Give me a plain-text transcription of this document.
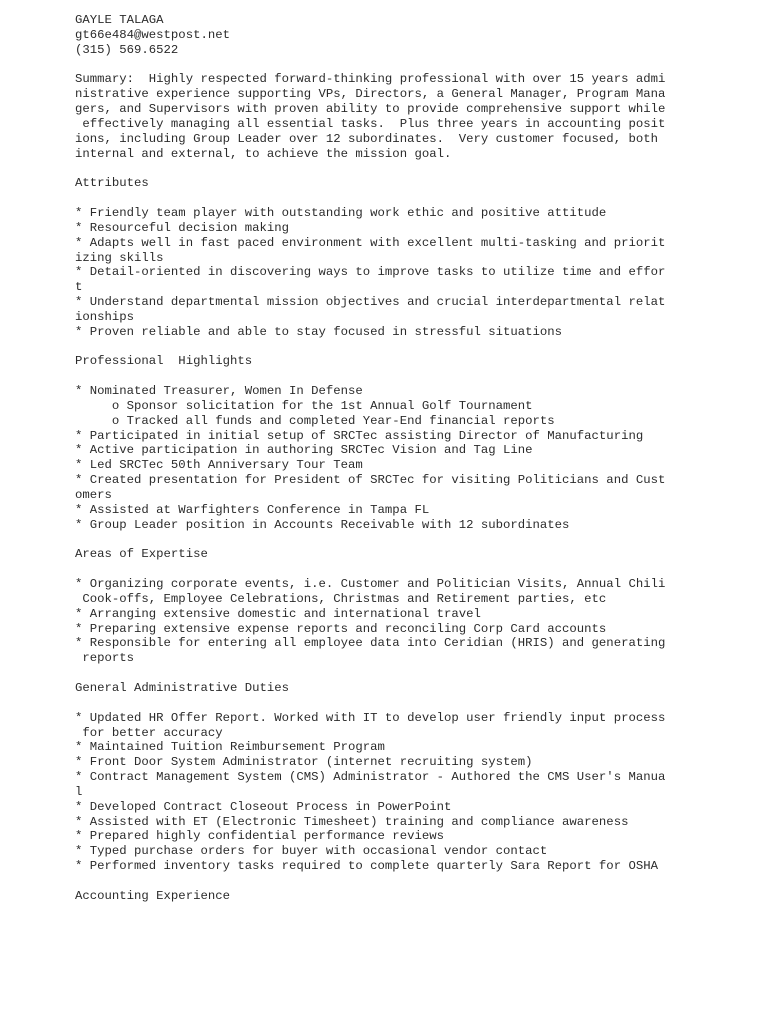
GAYLE TALAGA
gt66e484@westpost.net
(315) 569.6522
Summary:  Highly respected forward-thinking professional with over 15 years admi
nistrative experience supporting VPs, Directors, a General Manager, Program Mana
gers, and Supervisors with proven ability to provide comprehensive support while
effectively managing all essential tasks.  Plus three years in accounting posit
ions, including Group Leader over 12 subordinates.  Very customer focused, both
internal and external, to achieve the mission goal.
Attributes
* Friendly team player with outstanding work ethic and positive attitude
* Resourceful decision making
* Adapts well in fast paced environment with excellent multi-tasking and priorit
izing skills
* Detail-oriented in discovering ways to improve tasks to utilize time and effor
t
* Understand departmental mission objectives and crucial interdepartmental relat
ionships
* Proven reliable and able to stay focused in stressful situations
Professional  Highlights
* Nominated Treasurer, Women In Defense
o Sponsor solicitation for the 1st Annual Golf Tournament
o Tracked all funds and completed Year-End financial reports
* Participated in initial setup of SRCTec assisting Director of Manufacturing
* Active participation in authoring SRCTec Vision and Tag Line
* Led SRCTec 50th Anniversary Tour Team
* Created presentation for President of SRCTec for visiting Politicians and Cust
omers
* Assisted at Warfighters Conference in Tampa FL
* Group Leader position in Accounts Receivable with 12 subordinates
Areas of Expertise
* Organizing corporate events, i.e. Customer and Politician Visits, Annual Chili
Cook-offs, Employee Celebrations, Christmas and Retirement parties, etc
* Arranging extensive domestic and international travel
* Preparing extensive expense reports and reconciling Corp Card accounts
* Responsible for entering all employee data into Ceridian (HRIS) and generating
reports
General Administrative Duties
* Updated HR Offer Report. Worked with IT to develop user friendly input process
for better accuracy
* Maintained Tuition Reimbursement Program
* Front Door System Administrator (internet recruiting system)
* Contract Management System (CMS) Administrator - Authored the CMS User's Manua
l
* Developed Contract Closeout Process in PowerPoint
* Assisted with ET (Electronic Timesheet) training and compliance awareness
* Prepared highly confidential performance reviews
* Typed purchase orders for buyer with occasional vendor contact
* Performed inventory tasks required to complete quarterly Sara Report for OSHA
Accounting Experience
